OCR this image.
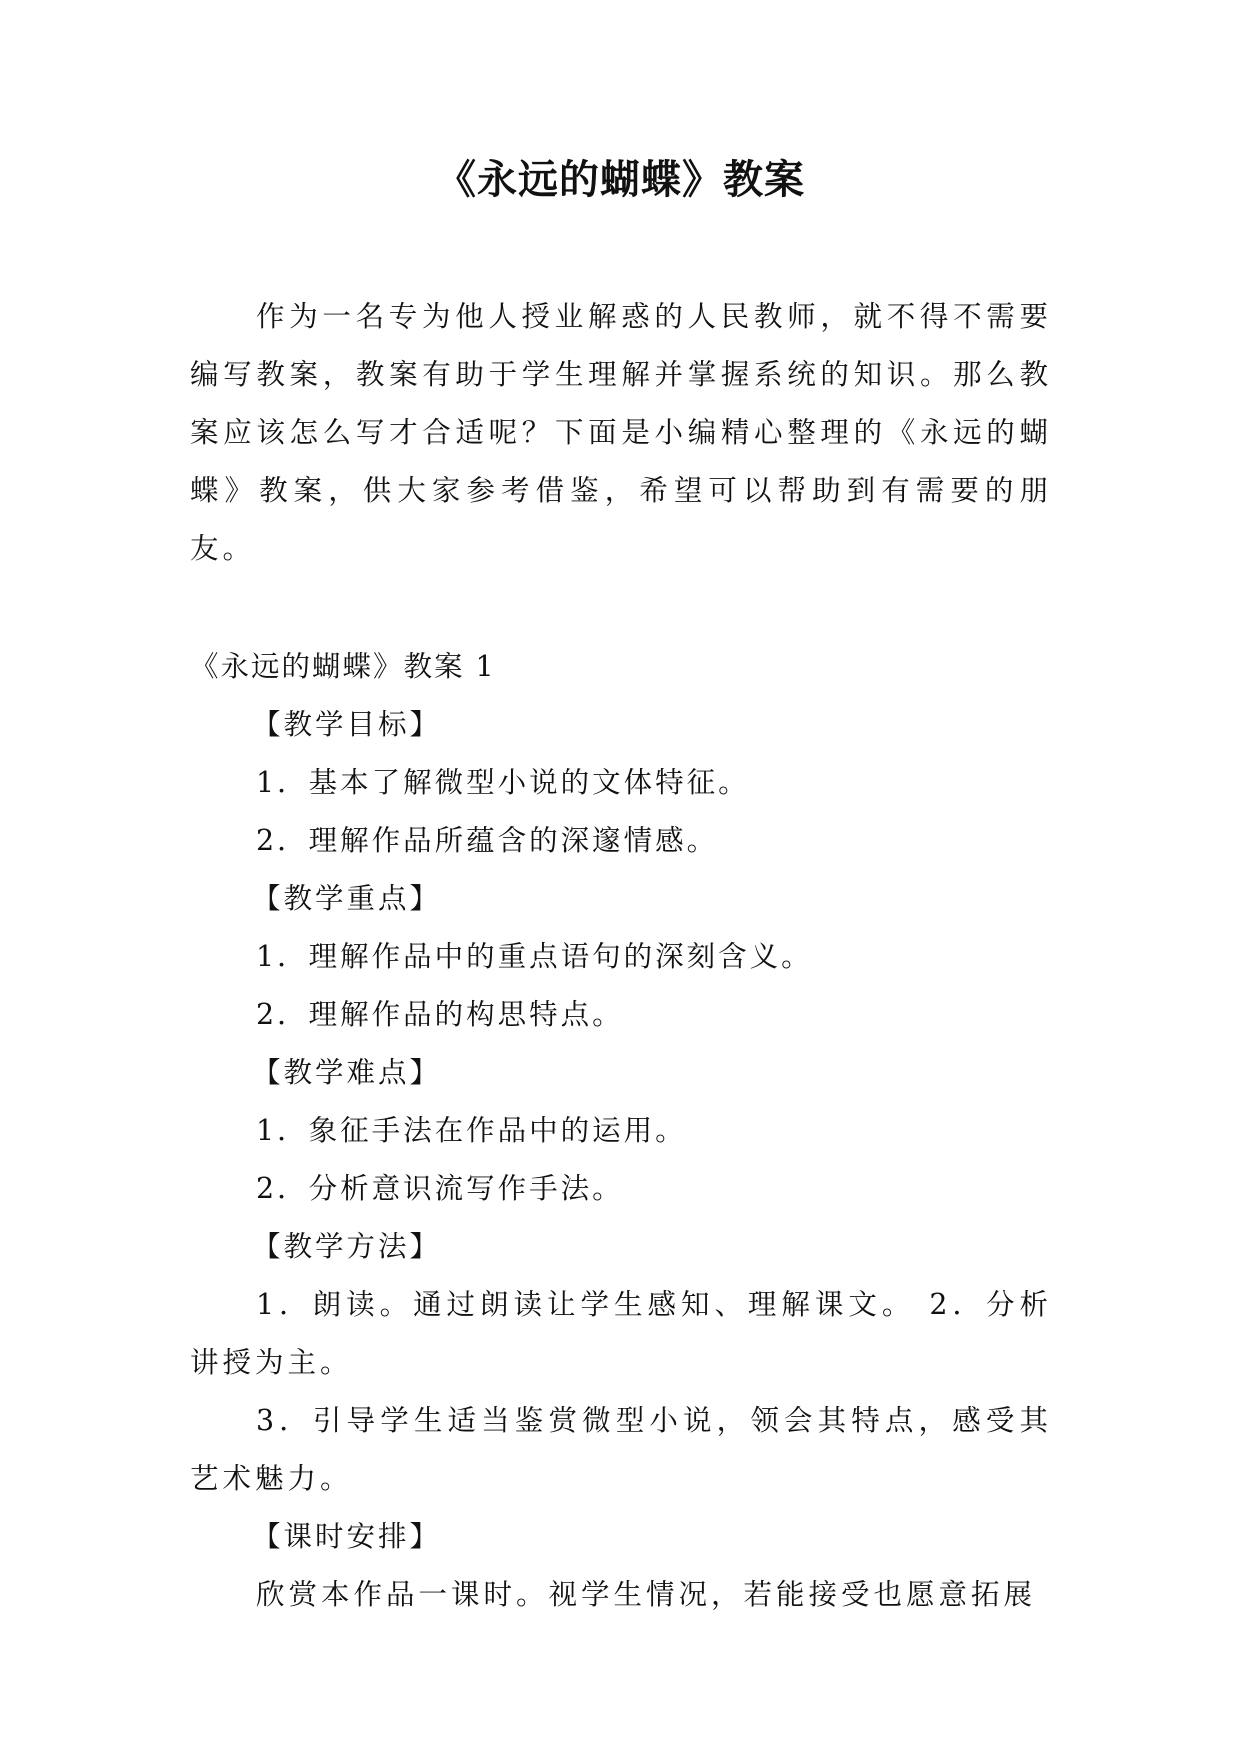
《永远的蝴蝶》教案

作为一名专为他人授业解惑的人民教师，就不得不需要编写教案，教案有助于学生理解并掌握系统的知识。那么教案应该怎么写才合适呢？下面是小编精心整理的《永远的蝴蝶》教案，供大家参考借鉴，希望可以帮助到有需要的朋友。

《永远的蝴蝶》教案 1

【教学目标】

1．基本了解微型小说的文体特征。

2．理解作品所蕴含的深邃情感。

【教学重点】

1．理解作品中的重点语句的深刻含义。

2．理解作品的构思特点。

【教学难点】

1．象征手法在作品中的运用。

2．分析意识流写作手法。

【教学方法】

1．朗读。通过朗读让学生感知、理解课文。 2．分析讲授为主。

3．引导学生适当鉴赏微型小说，领会其特点，感受其艺术魅力。

【课时安排】

欣赏本作品一课时。视学生情况，若能接受也愿意拓展
